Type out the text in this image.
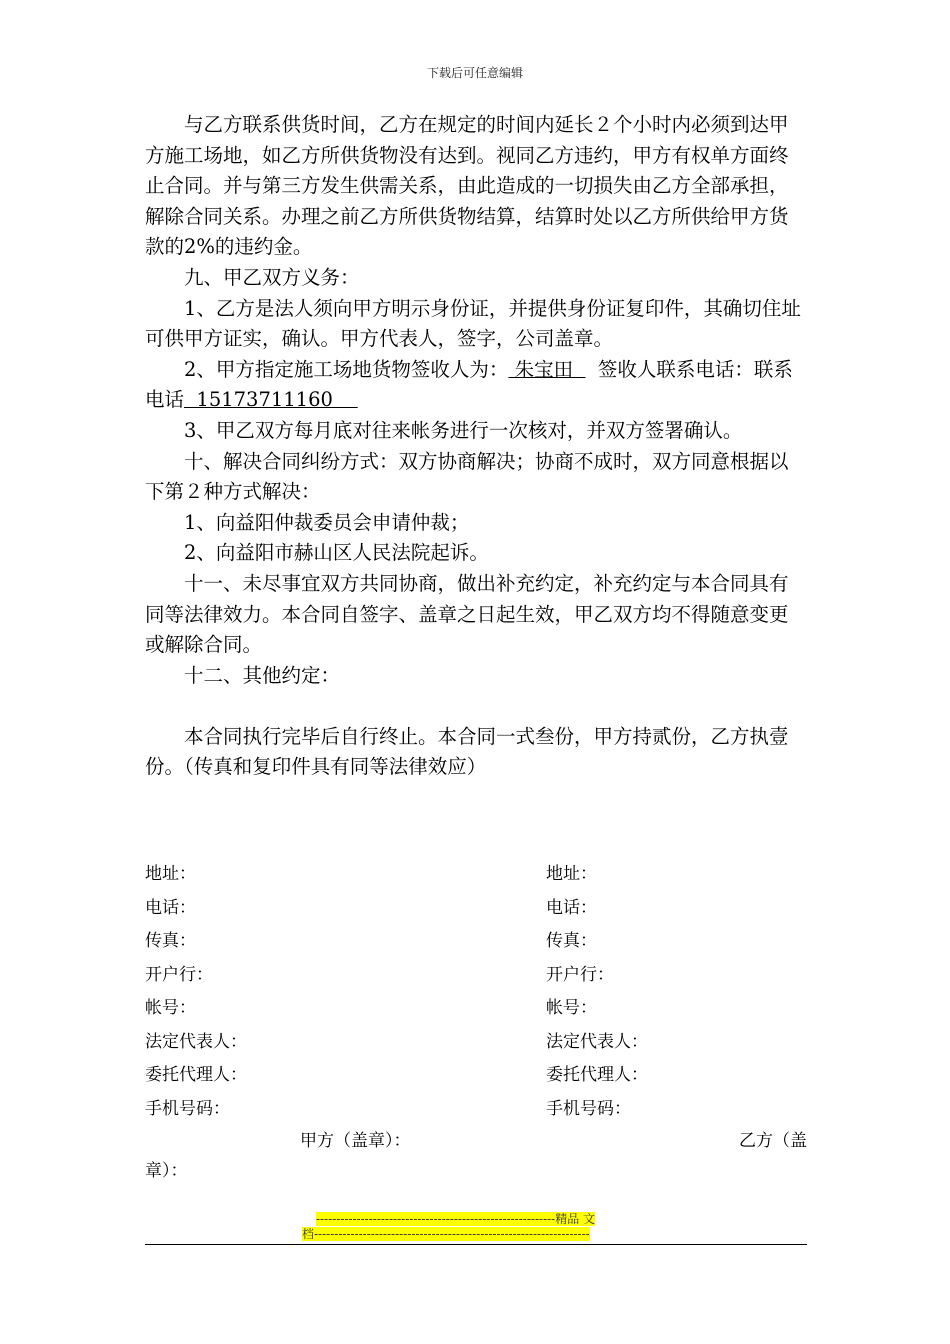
下载后可任意编辑

与乙方联系供货时间，乙方在规定的时间内延长２个小时内必须到达甲方施工场地，如乙方所供货物没有达到。视同乙方违约，甲方有权单方面终止合同。并与第三方发生供需关系，由此造成的一切损失由乙方全部承担，解除合同关系。办理之前乙方所供货物结算，结算时处以乙方所供给甲方货款的2%的违约金。

九、甲乙双方义务：

1、乙方是法人须向甲方明示身份证，并提供身份证复印件，其确切住址可供甲方证实，确认。甲方代表人，签字，公司盖章。

2、甲方指定施工场地货物签收人为： 朱宝田    签收人联系电话：联系电话  15173711160

3、甲乙双方每月底对往来帐务进行一次核对，并双方签署确认。

十、解决合同纠纷方式：双方协商解决；协商不成时，双方同意根据以下第２种方式解决：

1、向益阳仲裁委员会申请仲裁；

2、向益阳市赫山区人民法院起诉。

十一、未尽事宜双方共同协商，做出补充约定，补充约定与本合同具有同等法律效力。本合同自签字、盖章之日起生效，甲乙双方均不得随意变更或解除合同。

十二、其他约定：

本合同执行完毕后自行终止。本合同一式叁份，甲方持贰份，乙方执壹份。（传真和复印件具有同等法律效应）

地址：	地址：
电话：	电话：
传真：	传真：
开户行：	开户行：
帐号：	帐号：
法定代表人：	法定代表人：
委托代理人：	委托代理人：
手机号码：	手机号码：
甲方（盖章）：	乙方（盖
章）：
-----------------------------------------------------------精品 文
档--------------------------------------------------------------------
